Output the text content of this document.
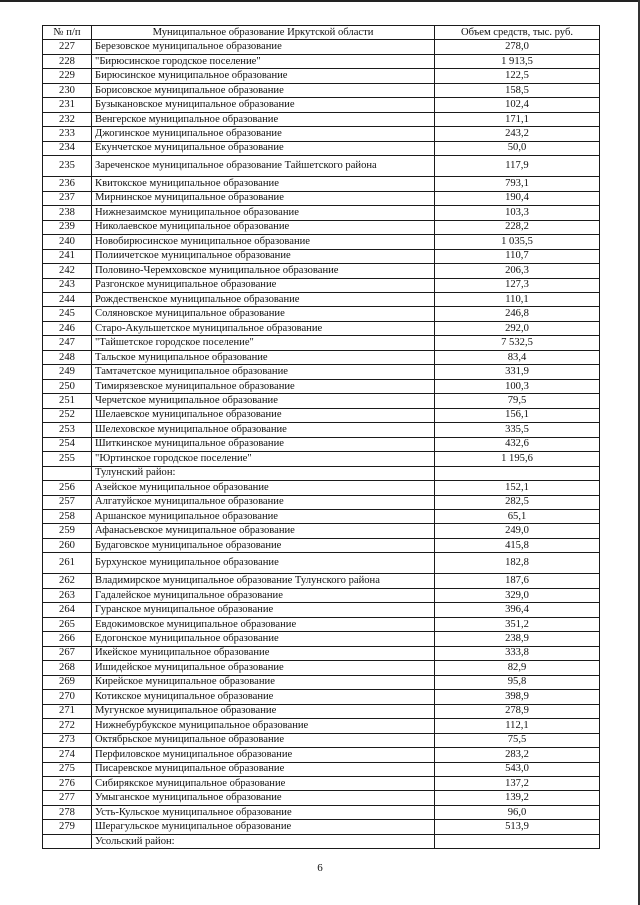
№ п/п	Муниципальное образование Иркутской области	Объем средств, тыс. руб.
227	Березовское муниципальное образование	278,0
228	"Бирюсинское городское поселение"	1 913,5
229	Бирюсинское муниципальное образование	122,5
230	Борисовское муниципальное образование	158,5
231	Бузыкановское муниципальное образование	102,4
232	Венгерское муниципальное образование	171,1
233	Джогинское муниципальное образование	243,2
234	Екунчетское муниципальное образование	50,0
235	Зареченское муниципальное образование Тайшетского района	117,9
236	Квитокское муниципальное образование	793,1
237	Мирнинское муниципальное образование	190,4
238	Нижнезаимское муниципальное образование	103,3
239	Николаевское муниципальное образование	228,2
240	Новобирюсинское муниципальное образование	1 035,5
241	Полиичетское муниципальное образование	110,7
242	Половино-Черемховское муниципальное образование	206,3
243	Разгонское муниципальное образование	127,3
244	Рождественское муниципальное образование	110,1
245	Соляновское муниципальное образование	246,8
246	Старо-Акульшетское муниципальное образование	292,0
247	"Тайшетское городское поселение"	7 532,5
248	Тальское муниципальное образование	83,4
249	Тамтачетское муниципальное образование	331,9
250	Тимирязевское муниципальное образование	100,3
251	Черчетское муниципальное образование	79,5
252	Шелаевское муниципальное образование	156,1
253	Шелеховское муниципальное образование	335,5
254	Шиткинское муниципальное образование	432,6
255	"Юртинское городское поселение"	1 195,6
	Тулунский район:	
256	Азейское муниципальное образование	152,1
257	Алгатуйское муниципальное образование	282,5
258	Аршанское муниципальное образование	65,1
259	Афанасьевское муниципальное образование	249,0
260	Будаговское муниципальное образование	415,8
261	Бурхунское муниципальное образование	182,8
262	Владимирское муниципальное образование Тулунского района	187,6
263	Гадалейское муниципальное образование	329,0
264	Гуранское муниципальное образование	396,4
265	Евдокимовское муниципальное образование	351,2
266	Едогонское муниципальное образование	238,9
267	Икейское муниципальное образование	333,8
268	Ишидейское муниципальное образование	82,9
269	Кирейское муниципальное образование	95,8
270	Котикское муниципальное образование	398,9
271	Мугунское муниципальное образование	278,9
272	Нижнебурбукское муниципальное образование	112,1
273	Октябрьское муниципальное образование	75,5
274	Перфиловское муниципальное образование	283,2
275	Писаревское муниципальное образование	543,0
276	Сибирякское муниципальное образование	137,2
277	Умыганское муниципальное образование	139,2
278	Усть-Кульское муниципальное образование	96,0
279	Шерагульское муниципальное образование	513,9
	Усольский район:	
6
